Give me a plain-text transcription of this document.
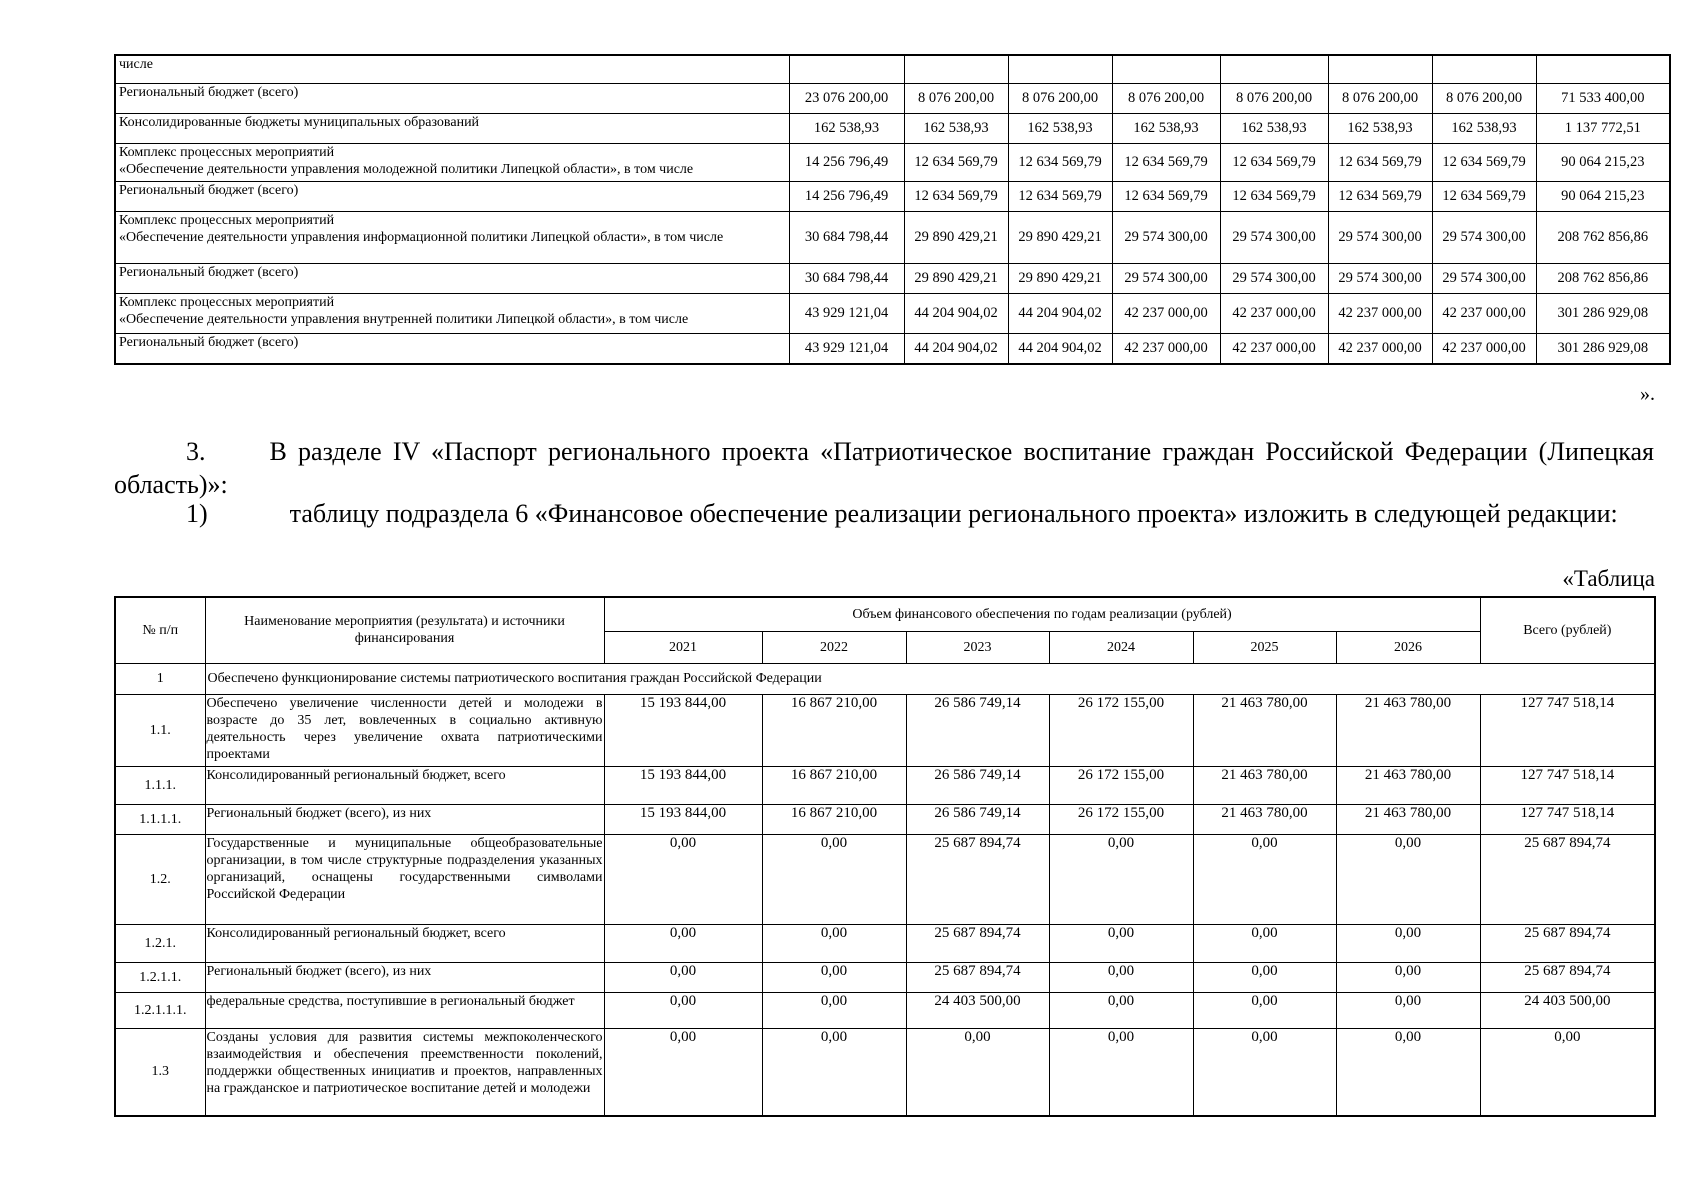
числе								
Региональный бюджет (всего)	23 076 200,00	8 076 200,00	8 076 200,00	8 076 200,00	8 076 200,00	8 076 200,00	8 076 200,00	71 533 400,00
Консолидированные бюджеты муниципальных образований	162 538,93	162 538,93	162 538,93	162 538,93	162 538,93	162 538,93	162 538,93	1 137 772,51
Комплекс процессных мероприятий
«Обеспечение деятельности управления молодежной политики Липецкой области», в том числе	14 256 796,49	12 634 569,79	12 634 569,79	12 634 569,79	12 634 569,79	12 634 569,79	12 634 569,79	90 064 215,23
Региональный бюджет (всего)	14 256 796,49	12 634 569,79	12 634 569,79	12 634 569,79	12 634 569,79	12 634 569,79	12 634 569,79	90 064 215,23
Комплекс процессных мероприятий
«Обеспечение деятельности управления информационной политики Липецкой области», в том числе	30 684 798,44	29 890 429,21	29 890 429,21	29 574 300,00	29 574 300,00	29 574 300,00	29 574 300,00	208 762 856,86
Региональный бюджет (всего)	30 684 798,44	29 890 429,21	29 890 429,21	29 574 300,00	29 574 300,00	29 574 300,00	29 574 300,00	208 762 856,86
Комплекс процессных мероприятий
«Обеспечение деятельности управления внутренней политики Липецкой области», в том числе	43 929 121,04	44 204 904,02	44 204 904,02	42 237 000,00	42 237 000,00	42 237 000,00	42 237 000,00	301 286 929,08
Региональный бюджет (всего)	43 929 121,04	44 204 904,02	44 204 904,02	42 237 000,00	42 237 000,00	42 237 000,00	42 237 000,00	301 286 929,08
».
3. В разделе IV «Паспорт регионального проекта «Патриотическое воспитание граждан Российской Федерации (Липецкая область)»:
1)	таблицу подраздела 6 «Финансовое обеспечение реализации регионального проекта» изложить в следующей редакции:
«Таблица
№ п/п	Наименование мероприятия (результата) и источники финансирования	Объем финансового обеспечения по годам реализации (рублей)						Всего (рублей)
		2021	2022	2023	2024	2025	2026	
1	Обеспечено функционирование системы патриотического воспитания граждан Российской Федерации							
1.1.	Обеспечено увеличение численности детей и молодежи в возрасте до 35 лет, вовлеченных в социально активную деятельность через увеличение охвата патриотическими проектами	15 193 844,00	16 867 210,00	26 586 749,14	26 172 155,00	21 463 780,00	21 463 780,00	127 747 518,14
1.1.1.	Консолидированный региональный бюджет, всего	15 193 844,00	16 867 210,00	26 586 749,14	26 172 155,00	21 463 780,00	21 463 780,00	127 747 518,14
1.1.1.1.	Региональный бюджет (всего), из них	15 193 844,00	16 867 210,00	26 586 749,14	26 172 155,00	21 463 780,00	21 463 780,00	127 747 518,14
1.2.	Государственные и муниципальные общеобразовательные организации, в том числе структурные подразделения указанных организаций, оснащены государственными символами Российской Федерации	0,00	0,00	25 687 894,74	0,00	0,00	0,00	25 687 894,74
1.2.1.	Консолидированный региональный бюджет, всего	0,00	0,00	25 687 894,74	0,00	0,00	0,00	25 687 894,74
1.2.1.1.	Региональный бюджет (всего), из них	0,00	0,00	25 687 894,74	0,00	0,00	0,00	25 687 894,74
1.2.1.1.1.	федеральные средства, поступившие в региональный бюджет	0,00	0,00	24 403 500,00	0,00	0,00	0,00	24 403 500,00
1.3	Созданы условия для развития системы межпоколенческого взаимодействия и обеспечения преемственности поколений, поддержки общественных инициатив и проектов, направленных на гражданское и патриотическое воспитание детей и молодежи	0,00	0,00	0,00	0,00	0,00	0,00	0,00
